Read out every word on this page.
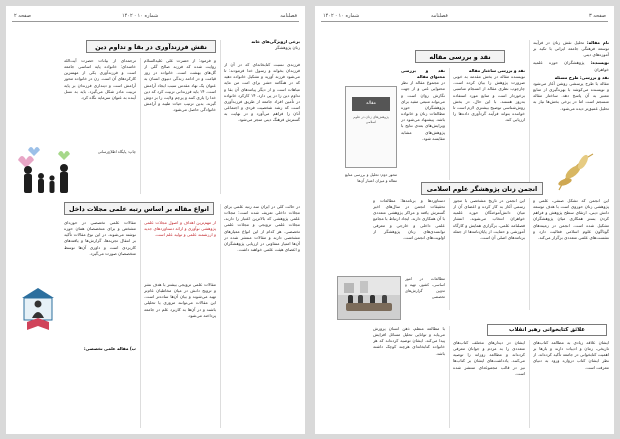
صفحه ۲	شماره ۱۰ · ۱۴۰۲	فصلنامه
نقش فرزندآوری در بقا و تداوم دین
برخی ازویژگی‌های خانه
زنان پژوهشگر
فرزندی نسبت کتابخانه‌ای که در آن از فرزندان بخواند و رسول خدا فرمودند: تا می‌شود فرزند آورید و تشکیل خانواده دهید که در هنگامه حشر برای امت من مایه مباهات است و از دیگر پیامدهای آن بقا و تداوم دین را در پی دارد. ۱۴ کارکرد خانواده در تأمین افراد جامعه از طریق فرزندآوری است که رشد شخصیت فردی و اجتماعی آنان را فراهم می‌آورد و در نهایت به گسترش فرهنگ دینی منجر می‌شود.
و فرمود: از حضرت علی علیه‌السلام روایت شده که فرزند صالح گلی از گل‌های بهشت است. خانواده در روز قیامت و در ادامه زندگی دنیوی انسان به عنوان یک نهاد مقدس سبب ایجاد آرامش است. ۱۴ باید فرزندانی تربیت کرد که دین خدا را یاری کنند و پرچم ولایت را بر دوش گیرند. بدین ترتیب حیات طیبه و آرامش خانوادگی حاصل می‌شود.
ترجمه‌ای از بیانات حضرت آیت‌الله خامنه‌ای: خانواده پایه اساسی جامعه است و فرزندآوری یکی از مهمترین کارکردهای آن است. زن در خانواده محور آرامش است و دینداری فرزندان بر پایه تربیت مادر شکل می‌گیرد. باید به نسل آینده به عنوان سرمایه نگاه کرد.
چاپ: پایگاه اطلاع‌رسانی
انواع مقاله بر اساس رتبه علمی مجلات داخل	در حالت کلی در ایران سه رتبه علمی برای مجلات داخلی تعریف شده است: مجلات علمی پژوهشی که بالاترین اعتبار را دارند، مجلات علمی ترویجی و مجلات علمی تخصصی. هر کدام از این انواع معیارهای مشخصی دارند و مقالات منتشر شده در آن‌ها امتیاز متفاوتی در ارزیابی پژوهشگران و اعضای هیئت علمی خواهند داشت.
از مهم‌ترین اهداف و اصول مجلات علمی پژوهشی نوآوری و ارائه دستاوردهای جدید و ارزشمند علمی و تولید علم است.
مقالات علمی ترویجی بیشتر با هدف نشر و ترویج دانش در میان مخاطبان عام‌تر تهیه می‌شوند و بیان آن‌ها ساده‌تر است. این مقالات می‌توانند مروری یا تحلیلی باشند و در آن‌ها به کاربرد علم در جامعه پرداخته می‌شود.
مقالات علمی تخصصی در حوزه‌ای مشخص و برای متخصصان همان حوزه نوشته می‌شوند. در این نوع مقالات تأکید بر انتقال تجربه‌ها، گزارش‌ها و یافته‌های کاربردی است و داوری آن‌ها توسط متخصصان صورت می‌گیرد.
ب) مقاله علمی تخصصی:
شماره ۱۰ · ۱۴۰۲	فصلنامه	صفحه ۳
نقد و بررسی مقاله
نام مقاله: تحلیل نقش زنان در فرآیند توسعه فرهنگی جامعه ایرانی با تکیه بر آموزه‌های دینی

نویسنده: پژوهشگران حوزه علمیه خواهران

نقد و بررسی: طرح مسئله
مقاله با طرح پرسشی روشن آغاز می‌شود و نویسنده می‌کوشد با بهره‌گیری از منابع معتبر به آن پاسخ دهد. ساختار مقاله منسجم است اما در برخی بخش‌ها نیاز به تحلیل عمیق‌تر دیده می‌شود.
نقد و بررسی ساختار مقاله
نویسنده مقاله در بخش مقدمه به خوبی ضرورت پژوهش را بیان کرده است. چارچوب نظری مقاله از انسجام مناسبی برخوردار است و منابع مورد استفاده به‌روز هستند. با این حال، در بخش روش‌شناسی توضیح بیشتری لازم است تا خواننده بتواند فرآیند گردآوری داده‌ها را ارزیابی کند.
نقد و بررسی محتوای مقاله
در مجموع مقاله از نظر محتوایی غنی و از جهت نگارش روان است و می‌تواند منبعی مفید برای پژوهشگران حوزه مطالعات زنان و خانواده باشد. پیشنهاد می‌شود در ویرایش‌های بعدی نتایج با پژوهش‌های مشابه مقایسه شود.
مقاله
پژوهش‌های زنان در علوم اسلامی
محور دوم: تحلیل و بررسی منابع مقاله و میزان اعتبار آن‌ها
انجمن زنان پژوهشگر علوم اسلامی
این انجمن که تشکل صنفی، علمی و پژوهشی زنان حوزوی است با هدف توسعه دانش دینی، ارتقای سطح پژوهش و فراهم کردن بستر همکاری میان پژوهشگران تشکیل شده است. انجمن در زمینه‌های گوناگون علوم اسلامی فعالیت دارد و نشست‌های علمی متعددی برگزار می‌کند.
این انجمن در تاریخ مشخصی با مجوز رسمی آغاز به کار کرده و اعضای آن از میان دانش‌آموختگان حوزه علمیه خواهران انتخاب می‌شوند. انتشار فصلنامه علمی، برگزاری همایش و کارگاه آموزشی و حمایت از پایان‌نامه‌ها از جمله برنامه‌های اصلی آن است.
دستاوردها و برنامه‌ها: مطالعات و تحقیقات انجمن در سال‌های اخیر گسترش یافته و مراکز پژوهشی متعددی با آن همکاری دارند. ایجاد ارتباط با مجامع علمی داخلی و خارجی و معرفی توانمندی‌های زنان پژوهشگر از اولویت‌های انجمن است.
مطالعات در امور اساسی، کشور، تهیه و تدوین گزارش‌های تخصصی
علائق کتابخوانی رهبر انقلاب
ایشان علاقه زیادی به مطالعه کتاب‌های تاریخی، رمان و ادبیات دارند و بارها بر اهمیت کتابخوانی در جامعه تأکید کرده‌اند. از نظر ایشان کتاب دروازه ورود به دنیای معرفت است.
ایشان در دیدارهای مختلف کتاب‌های متعددی را به مردم و جوانان معرفی کرده‌اند و مطالعه روزانه را توصیه می‌کنند. یادداشت‌های ایشان بر کتاب‌ها نیز در قالب مجموعه‌ای منتشر شده است.
با مطالعه منظم، ذهن انسان پرورش می‌یابد و توانایی تحلیل مسائل افزایش پیدا می‌کند. ایشان توصیه کرده‌اند که هر خانواده کتابخانه‌ای هرچند کوچک داشته باشد.
